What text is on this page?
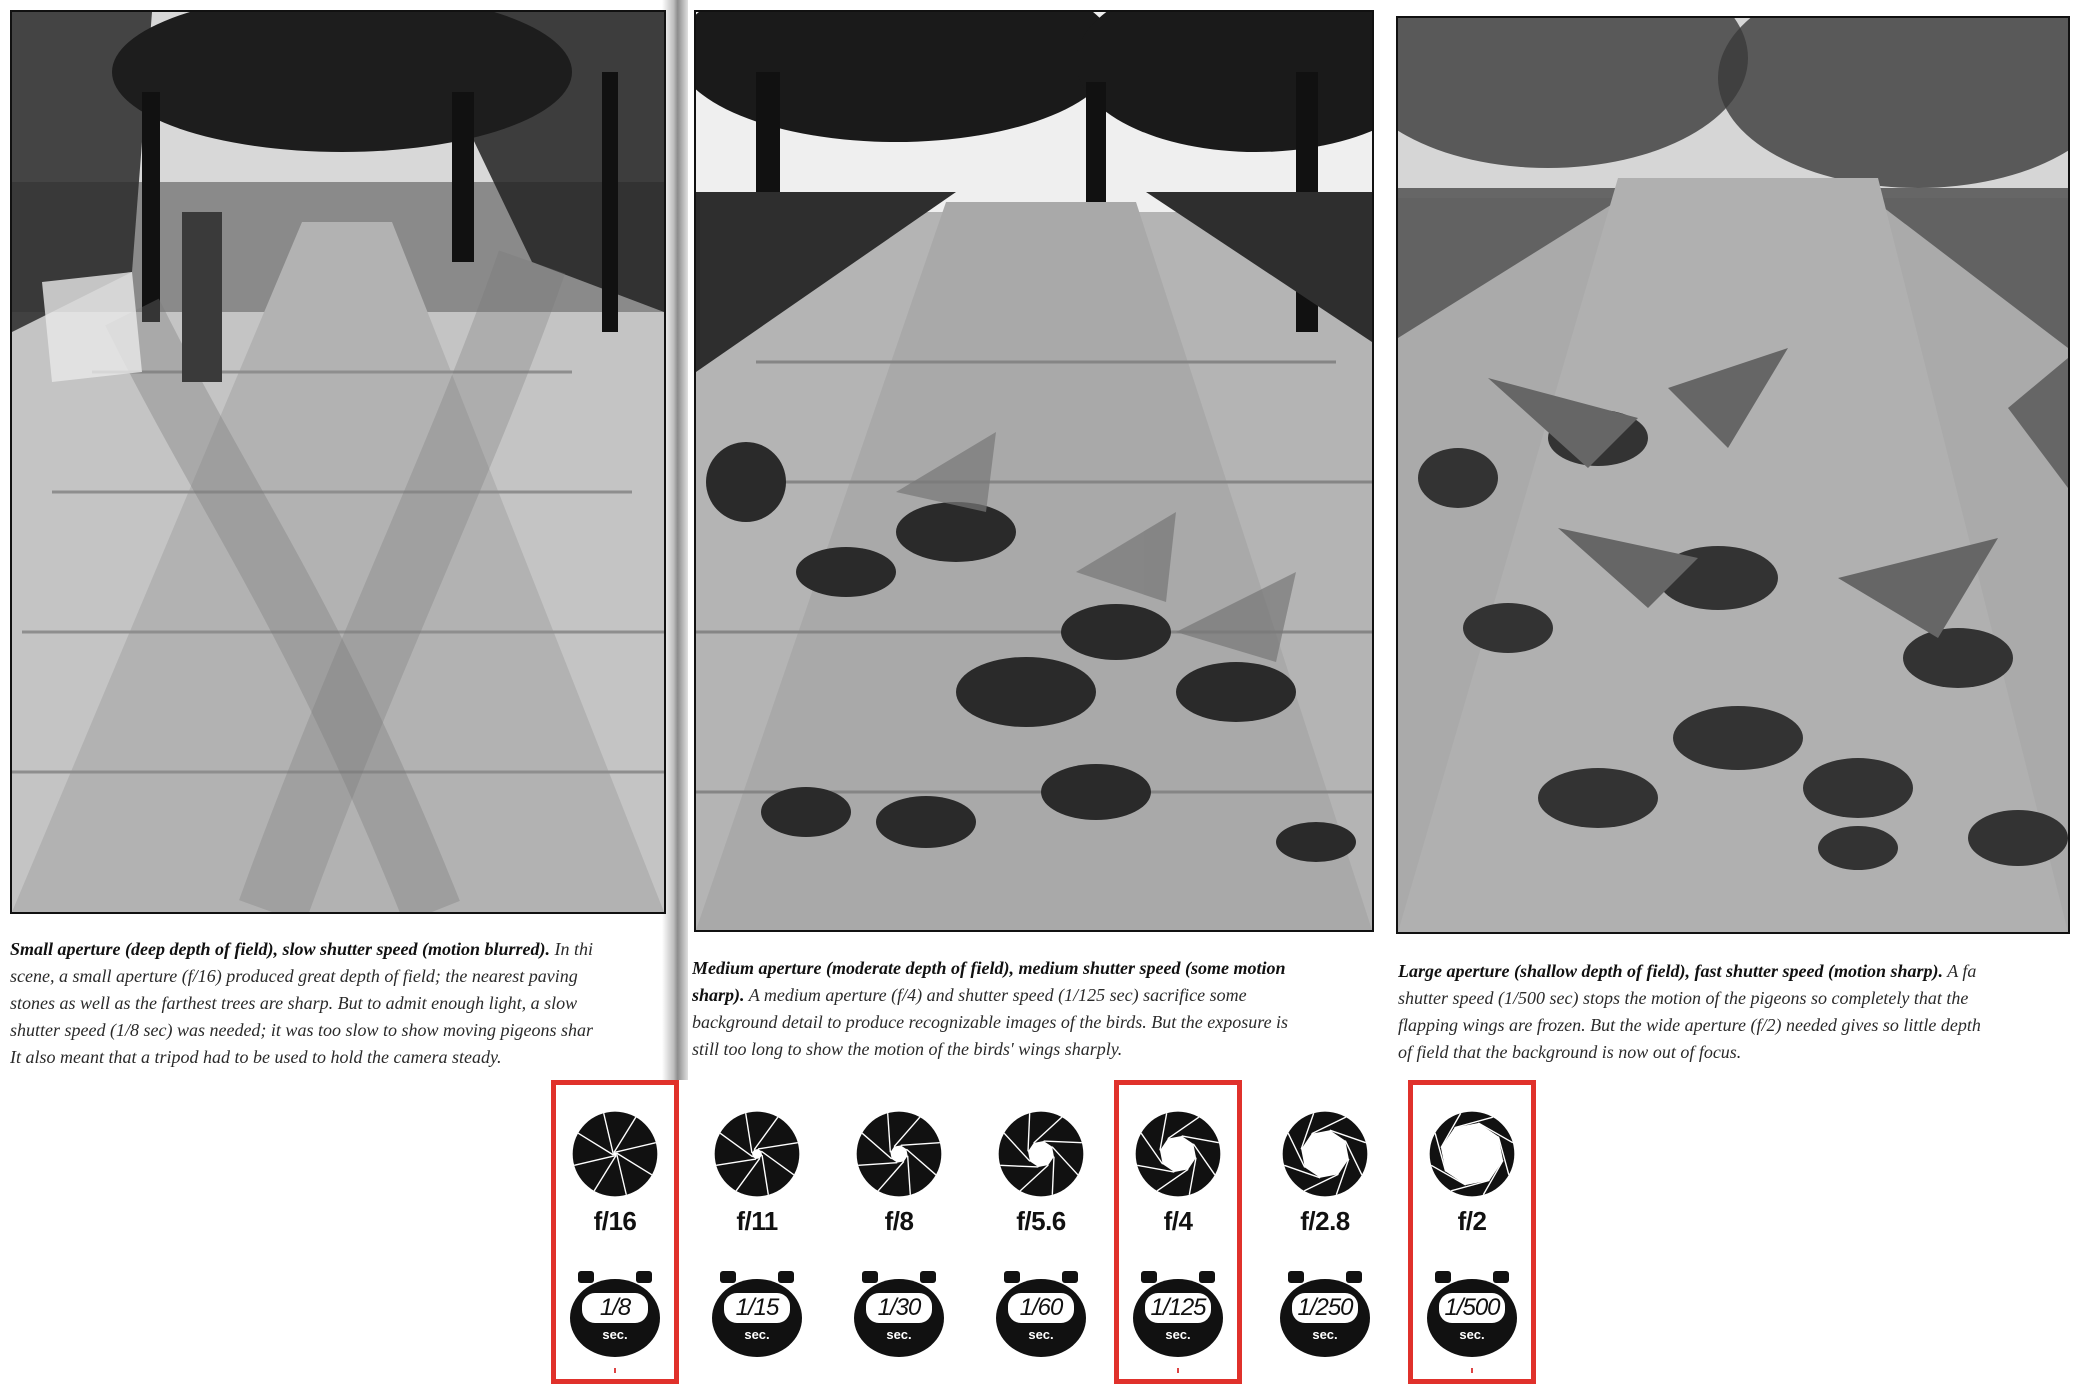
Small aperture (deep depth of field), slow shutter speed (motion blurred). In thi
scene, a small aperture (f/16) produced great depth of field; the nearest paving
stones as well as the farthest trees are sharp. But to admit enough light, a slow
shutter speed (1/8 sec) was needed; it was too slow to show moving pigeons shar
It also meant that a tripod had to be used to hold the camera steady.
Medium aperture (moderate depth of field), medium shutter speed (some motion
sharp). A medium aperture (f/4) and shutter speed (1/125 sec) sacrifice some
background detail to produce recognizable images of the birds. But the exposure is
still too long to show the motion of the birds' wings sharply.
Large aperture (shallow depth of field), fast shutter speed (motion sharp). A fa
shutter speed (1/500 sec) stops the motion of the pigeons so completely that the
flapping wings are frozen. But the wide aperture (f/2) needed gives so little depth
of field that the background is now out of focus.
f/16
1/8
sec.
f/11
1/15
sec.
f/8
1/30
sec.
f/5.6
1/60
sec.
f/4
1/125
sec.
f/2.8
1/250
sec.
f/2
1/500
sec.
